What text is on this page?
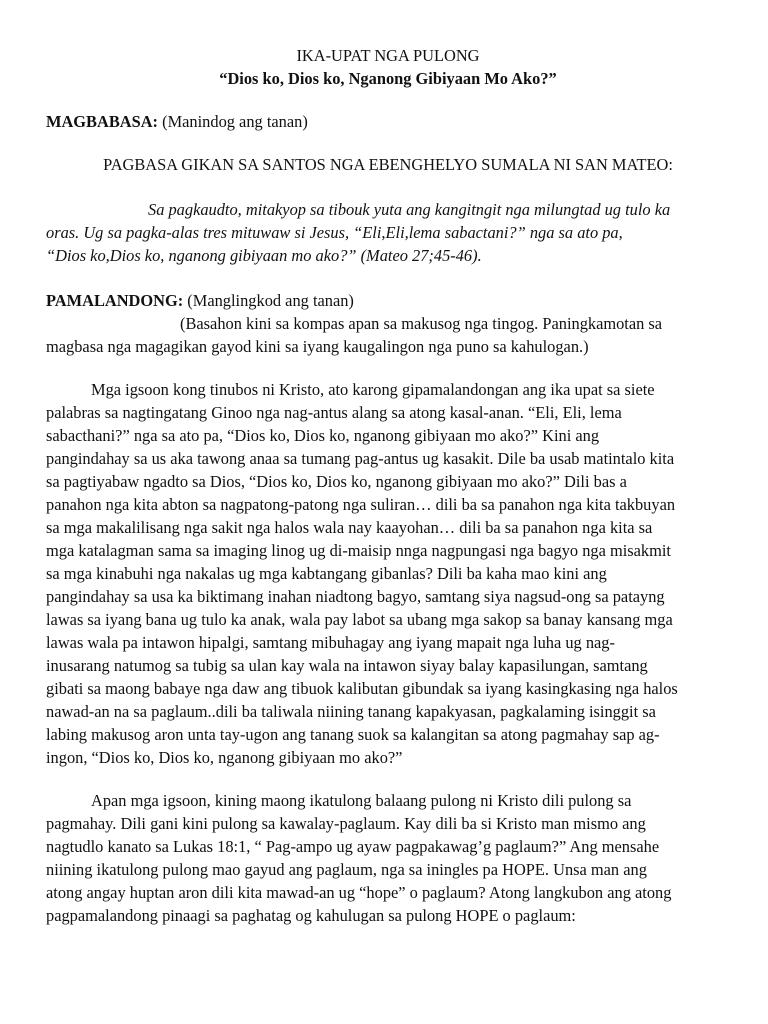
IKA-UPAT NGA PULONG

“Dios ko, Dios ko, Nganong Gibiyaan Mo Ako?”

MAGBABASA: (Manindog ang tanan)

PAGBASA GIKAN SA SANTOS NGA EBENGHELYO SUMALA NI SAN MATEO:

Sa pagkaudto, mitakyop sa tibouk yuta ang kangitngit nga milungtad ug tulo ka
oras. Ug sa pagka-alas tres mituwaw si Jesus, “Eli,Eli,lema sabactani?” nga sa ato pa,
“Dios ko,Dios ko, nganong gibiyaan mo ako?” (Mateo 27;45-46).

PAMALANDONG: (Manglingkod ang tanan)

(Basahon kini sa kompas apan sa makusog nga tingog. Paningkamotan sa
magbasa nga magagikan gayod kini sa iyang kaugalingon nga puno sa kahulogan.)
Mga igsoon kong tinubos ni Kristo, ato karong gipamalandongan ang ika upat sa siete
palabras sa nagtingatang Ginoo nga nag-antus alang sa atong kasal-anan. “Eli, Eli, lema
sabacthani?” nga sa ato pa, “Dios ko, Dios ko, nganong gibiyaan mo ako?” Kini ang
pangindahay sa us aka tawong anaa sa tumang pag-antus ug kasakit. Dile ba usab matintalo kita
sa pagtiyabaw ngadto sa Dios, “Dios ko, Dios ko, nganong gibiyaan mo ako?” Dili bas a
panahon nga kita abton sa nagpatong-patong nga suliran… dili ba sa panahon nga kita takbuyan
sa mga makalilisang nga sakit nga halos wala nay kaayohan… dili ba sa panahon nga kita sa
mga katalagman sama sa imaging linog ug di-maisip nnga nagpungasi nga bagyo nga misakmit
sa mga kinabuhi nga nakalas ug mga kabtangang gibanlas? Dili ba kaha mao kini ang
pangindahay sa usa ka biktimang inahan niadtong bagyo, samtang siya nagsud-ong sa patayng
lawas sa iyang bana ug tulo ka anak, wala pay labot sa ubang mga sakop sa banay kansang mga
lawas wala pa intawon hipalgi, samtang mibuhagay ang iyang mapait nga luha ug nag-
inusarang natumog sa tubig sa ulan kay wala na intawon siyay balay kapasilungan, samtang
gibati sa maong babaye nga daw ang tibuok kalibutan gibundak sa iyang kasingkasing nga halos
nawad-an na sa paglaum..dili ba taliwala niining tanang kapakyasan, pagkalaming isinggit sa
labing makusog aron unta tay-ugon ang tanang suok sa kalangitan sa atong pagmahay sap ag-
ingon, “Dios ko, Dios ko, nganong gibiyaan mo ako?”
Apan mga igsoon, kining maong ikatulong balaang pulong ni Kristo dili pulong sa
pagmahay. Dili gani kini pulong sa kawalay-paglaum. Kay dili ba si Kristo man mismo ang
nagtudlo kanato sa Lukas 18:1, “ Pag-ampo ug ayaw pagpakawag’g paglaum?” Ang mensahe
niining ikatulong pulong mao gayud ang paglaum, nga sa iningles pa HOPE. Unsa man ang
atong angay huptan aron dili kita mawad-an ug “hope” o paglaum? Atong langkubon ang atong
pagpamalandong pinaagi sa paghatag og kahulugan sa pulong HOPE o paglaum:
